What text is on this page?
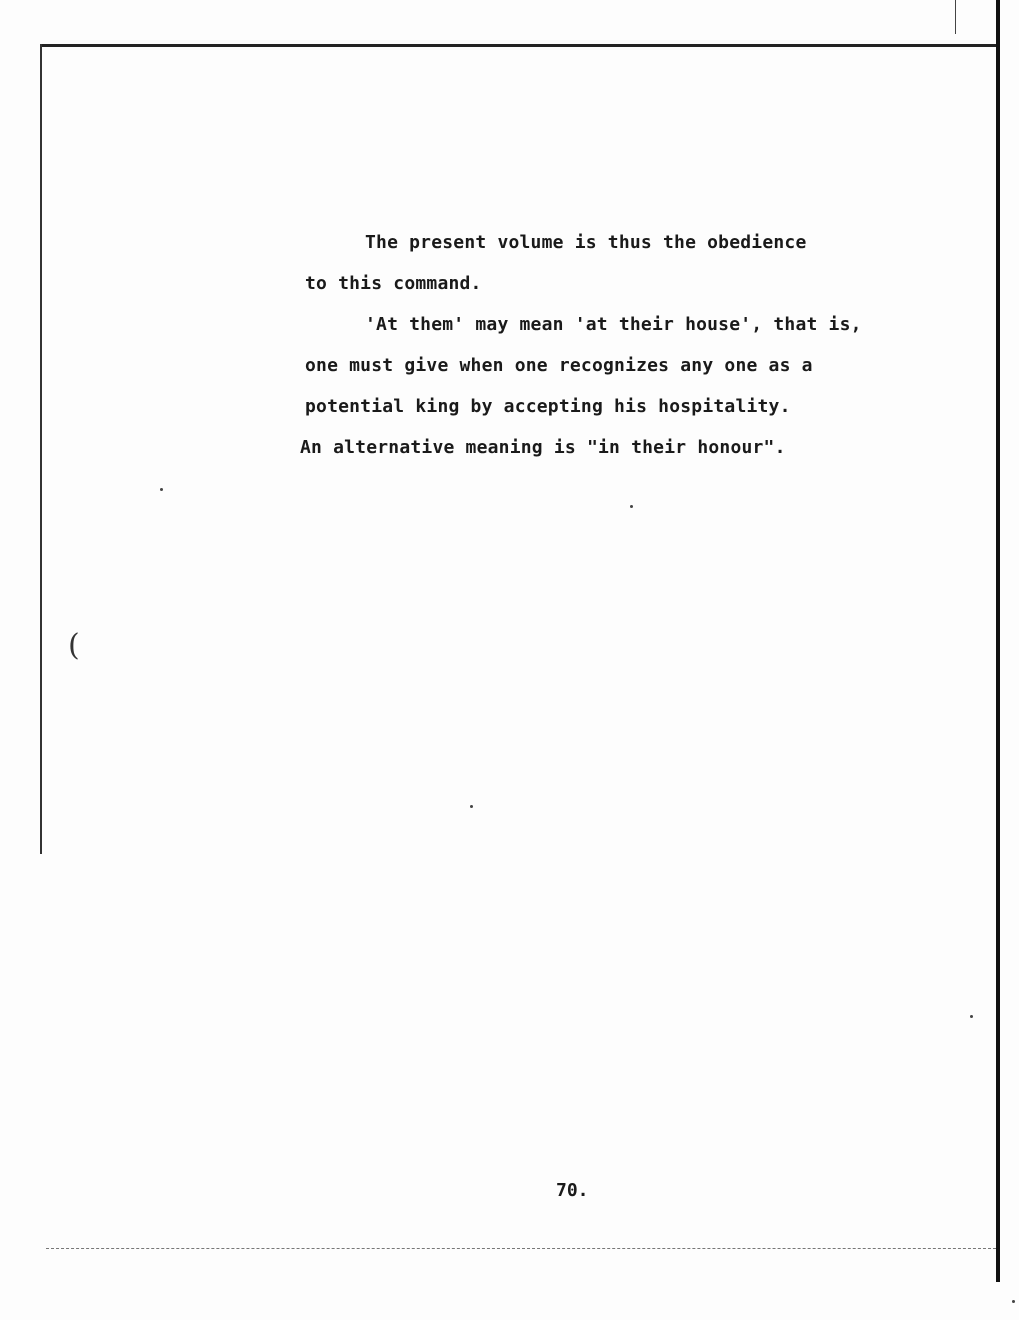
(
The present volume is thus the obedience
to this command.
'At them' may mean 'at their house', that is,
one must give when one recognizes any one as a
potential king by accepting his hospitality.
An alternative meaning is "in their honour".
70.
